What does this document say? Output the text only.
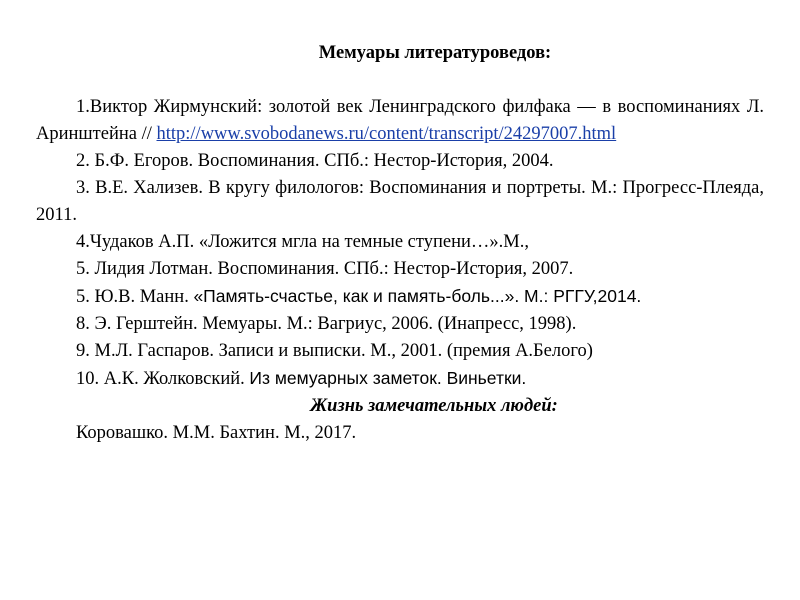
Мемуары литературоведов:

1.Виктор Жирмунский: золотой век Ленинградского филфака — в воспоминаниях Л. Аринштейна // http://www.svobodanews.ru/content/transcript/24297007.html

2. Б.Ф. Егоров. Воспоминания. СПб.: Нестор-История, 2004.

3. В.Е. Хализев. В кругу филологов: Воспоминания и портреты. М.: Прогресс-Плеяда, 2011.

4.Чудаков А.П. «Ложится мгла на темные ступени…».М.,

5. Лидия Лотман. Воспоминания. СПб.: Нестор-История, 2007.

5. Ю.В. Манн. «Память-счастье, как и память-боль...». М.: РГГУ,2014.

8. Э. Герштейн. Мемуары. М.: Вагриус, 2006. (Инапресс, 1998).

9. М.Л. Гаспаров. Записи и выписки. М., 2001. (премия А.Белого)

10. А.К. Жолковский. Из мемуарных заметок. Виньетки.

Жизнь замечательных людей:

Коровашко. М.М. Бахтин. М., 2017.
